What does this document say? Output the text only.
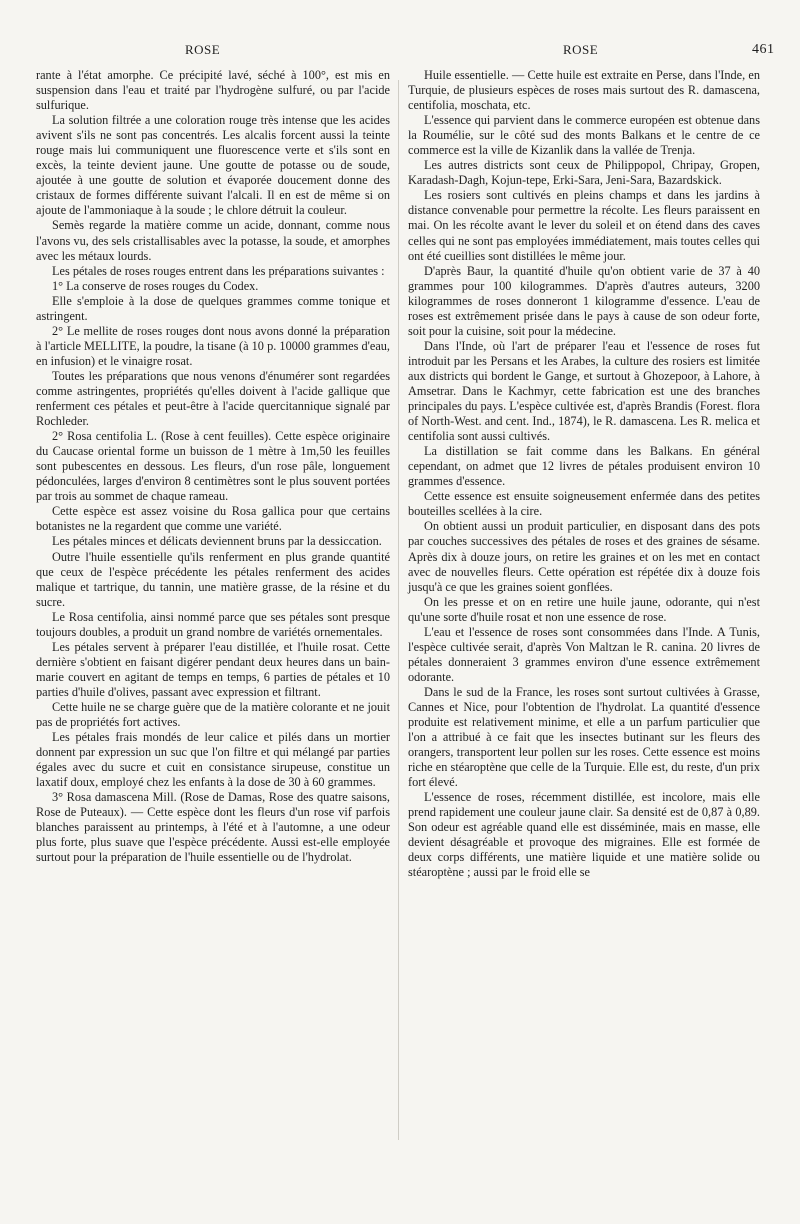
ROSE	ROSE	461

rante à l'état amorphe. Ce précipité lavé, séché à 100°, est mis en suspension dans l'eau et traité par l'hydrogène sulfuré, ou par l'acide sulfurique.

La solution filtrée a une coloration rouge très intense que les acides avivent s'ils ne sont pas concentrés. Les alcalis forcent aussi la teinte rouge mais lui communiquent une fluorescence verte et s'ils sont en excès, la teinte devient jaune. Une goutte de potasse ou de soude, ajoutée à une goutte de solution et évaporée doucement donne des cristaux de formes différente suivant l'alcali. Il en est de même si on ajoute de l'ammoniaque à la soude ; le chlore détruit la couleur.

Semès regarde la matière comme un acide, donnant, comme nous l'avons vu, des sels cristallisables avec la potasse, la soude, et amorphes avec les métaux lourds.

Les pétales de roses rouges entrent dans les préparations suivantes :

1° La conserve de roses rouges du Codex.

Elle s'emploie à la dose de quelques grammes comme tonique et astringent.

2° Le mellite de roses rouges dont nous avons donné la préparation à l'article MELLITE, la poudre, la tisane (à 10 p. 10000 grammes d'eau, en infusion) et le vinaigre rosat.

Toutes les préparations que nous venons d'énumérer sont regardées comme astringentes, propriétés qu'elles doivent à l'acide gallique que renferment ces pétales et peut-être à l'acide quercitannique signalé par Rochleder.

2° Rosa centifolia L. (Rose à cent feuilles). Cette espèce originaire du Caucase oriental forme un buisson de 1 mètre à 1m,50 les feuilles sont pubescentes en dessous. Les fleurs, d'un rose pâle, longuement pédonculées, larges d'environ 8 centimètres sont le plus souvent portées par trois au sommet de chaque rameau.

Cette espèce est assez voisine du Rosa gallica pour que certains botanistes ne la regardent que comme une variété.

Les pétales minces et délicats deviennent bruns par la dessiccation.

Outre l'huile essentielle qu'ils renferment en plus grande quantité que ceux de l'espèce précédente les pétales renferment des acides malique et tartrique, du tannin, une matière grasse, de la résine et du sucre.

Le Rosa centifolia, ainsi nommé parce que ses pétales sont presque toujours doubles, a produit un grand nombre de variétés ornementales.

Les pétales servent à préparer l'eau distillée, et l'huile rosat. Cette dernière s'obtient en faisant digérer pendant deux heures dans un bain-marie couvert en agitant de temps en temps, 6 parties de pétales et 10 parties d'huile d'olives, passant avec expression et filtrant.

Cette huile ne se charge guère que de la matière colorante et ne jouit pas de propriétés fort actives.

Les pétales frais mondés de leur calice et pilés dans un mortier donnent par expression un suc que l'on filtre et qui mélangé par parties égales avec du sucre et cuit en consistance sirupeuse, constitue un laxatif doux, employé chez les enfants à la dose de 30 à 60 grammes.

3° Rosa damascena Mill. (Rose de Damas, Rose des quatre saisons, Rose de Puteaux). — Cette espèce dont les fleurs d'un rose vif parfois blanches paraissent au printemps, à l'été et à l'automne, a une odeur plus forte, plus suave que l'espèce précédente. Aussi est-elle employée surtout pour la préparation de l'huile essentielle ou de l'hydrolat.

Huile essentielle. — Cette huile est extraite en Perse, dans l'Inde, en Turquie, de plusieurs espèces de roses mais surtout des R. damascena, centifolia, moschata, etc.

L'essence qui parvient dans le commerce européen est obtenue dans la Roumélie, sur le côté sud des monts Balkans et le centre de ce commerce est la ville de Kizanlik dans la vallée de Trenja.

Les autres districts sont ceux de Philippopol, Chripay, Gropen, Karadash-Dagh, Kojun-tepe, Erki-Sara, Jeni-Sara, Bazardskick.

Les rosiers sont cultivés en pleins champs et dans les jardins à distance convenable pour permettre la récolte. Les fleurs paraissent en mai. On les récolte avant le lever du soleil et on étend dans des caves celles qui ne sont pas employées immédiatement, mais toutes celles qui ont été cueillies sont distillées le même jour.

D'après Baur, la quantité d'huile qu'on obtient varie de 37 à 40 grammes pour 100 kilogrammes. D'après d'autres auteurs, 3200 kilogrammes de roses donneront 1 kilogramme d'essence. L'eau de roses est extrêmement prisée dans le pays à cause de son odeur forte, soit pour la cuisine, soit pour la médecine.

Dans l'Inde, où l'art de préparer l'eau et l'essence de roses fut introduit par les Persans et les Arabes, la culture des rosiers est limitée aux districts qui bordent le Gange, et surtout à Ghozepoor, à Lahore, à Amsetrar. Dans le Kachmyr, cette fabrication est une des branches principales du pays. L'espèce cultivée est, d'après Brandis (Forest. flora of North-West. and cent. Ind., 1874), le R. damascena. Les R. melica et centifolia sont aussi cultivés.

La distillation se fait comme dans les Balkans. En général cependant, on admet que 12 livres de pétales produisent environ 10 grammes d'essence.

Cette essence est ensuite soigneusement enfermée dans des petites bouteilles scellées à la cire.

On obtient aussi un produit particulier, en disposant dans des pots par couches successives des pétales de roses et des graines de sésame. Après dix à douze jours, on retire les graines et on les met en contact avec de nouvelles fleurs. Cette opération est répétée dix à douze fois jusqu'à ce que les graines soient gonflées.

On les presse et on en retire une huile jaune, odorante, qui n'est qu'une sorte d'huile rosat et non une essence de rose.

L'eau et l'essence de roses sont consommées dans l'Inde. A Tunis, l'espèce cultivée serait, d'après Von Maltzan le R. canina. 20 livres de pétales donneraient 3 grammes environ d'une essence extrêmement odorante.

Dans le sud de la France, les roses sont surtout cultivées à Grasse, Cannes et Nice, pour l'obtention de l'hydrolat. La quantité d'essence produite est relativement minime, et elle a un parfum particulier que l'on a attribué à ce fait que les insectes butinant sur les fleurs des orangers, transportent leur pollen sur les roses. Cette essence est moins riche en stéaroptène que celle de la Turquie. Elle est, du reste, d'un prix fort élevé.

L'essence de roses, récemment distillée, est incolore, mais elle prend rapidement une couleur jaune clair. Sa densité est de 0,87 à 0,89. Son odeur est agréable quand elle est disséminée, mais en masse, elle devient désagréable et provoque des migraines. Elle est formée de deux corps différents, une matière liquide et une matière solide ou stéaroptène ; aussi par le froid elle se
